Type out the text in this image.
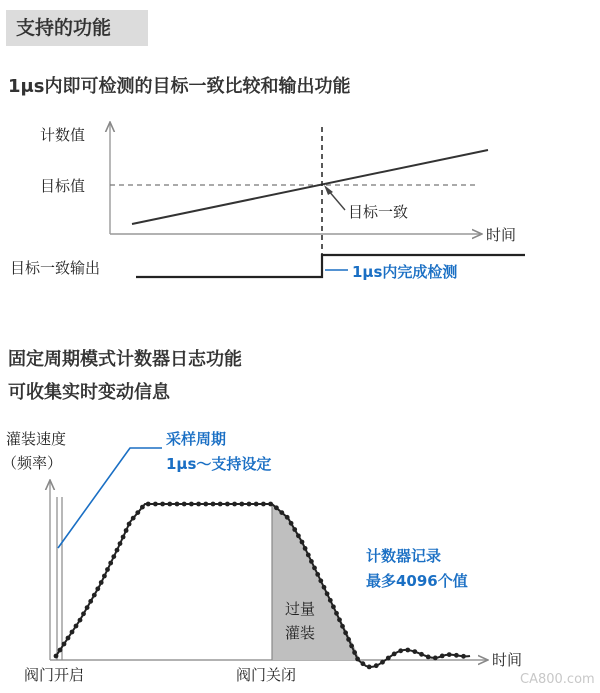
支持的功能
1μs内即可检测的目标一致比较和输出功能
计数值
目标值
目标一致
时间
目标一致输出	1μs内完成检测
固定周期模式计数器日志功能
可收集实时变动信息
灌装速度
（频率）
采样周期
1μs～支持设定
计数器记录
最多4096个值
过量
灌装
阀门开启	阀门关闭
时间
CA800.com
